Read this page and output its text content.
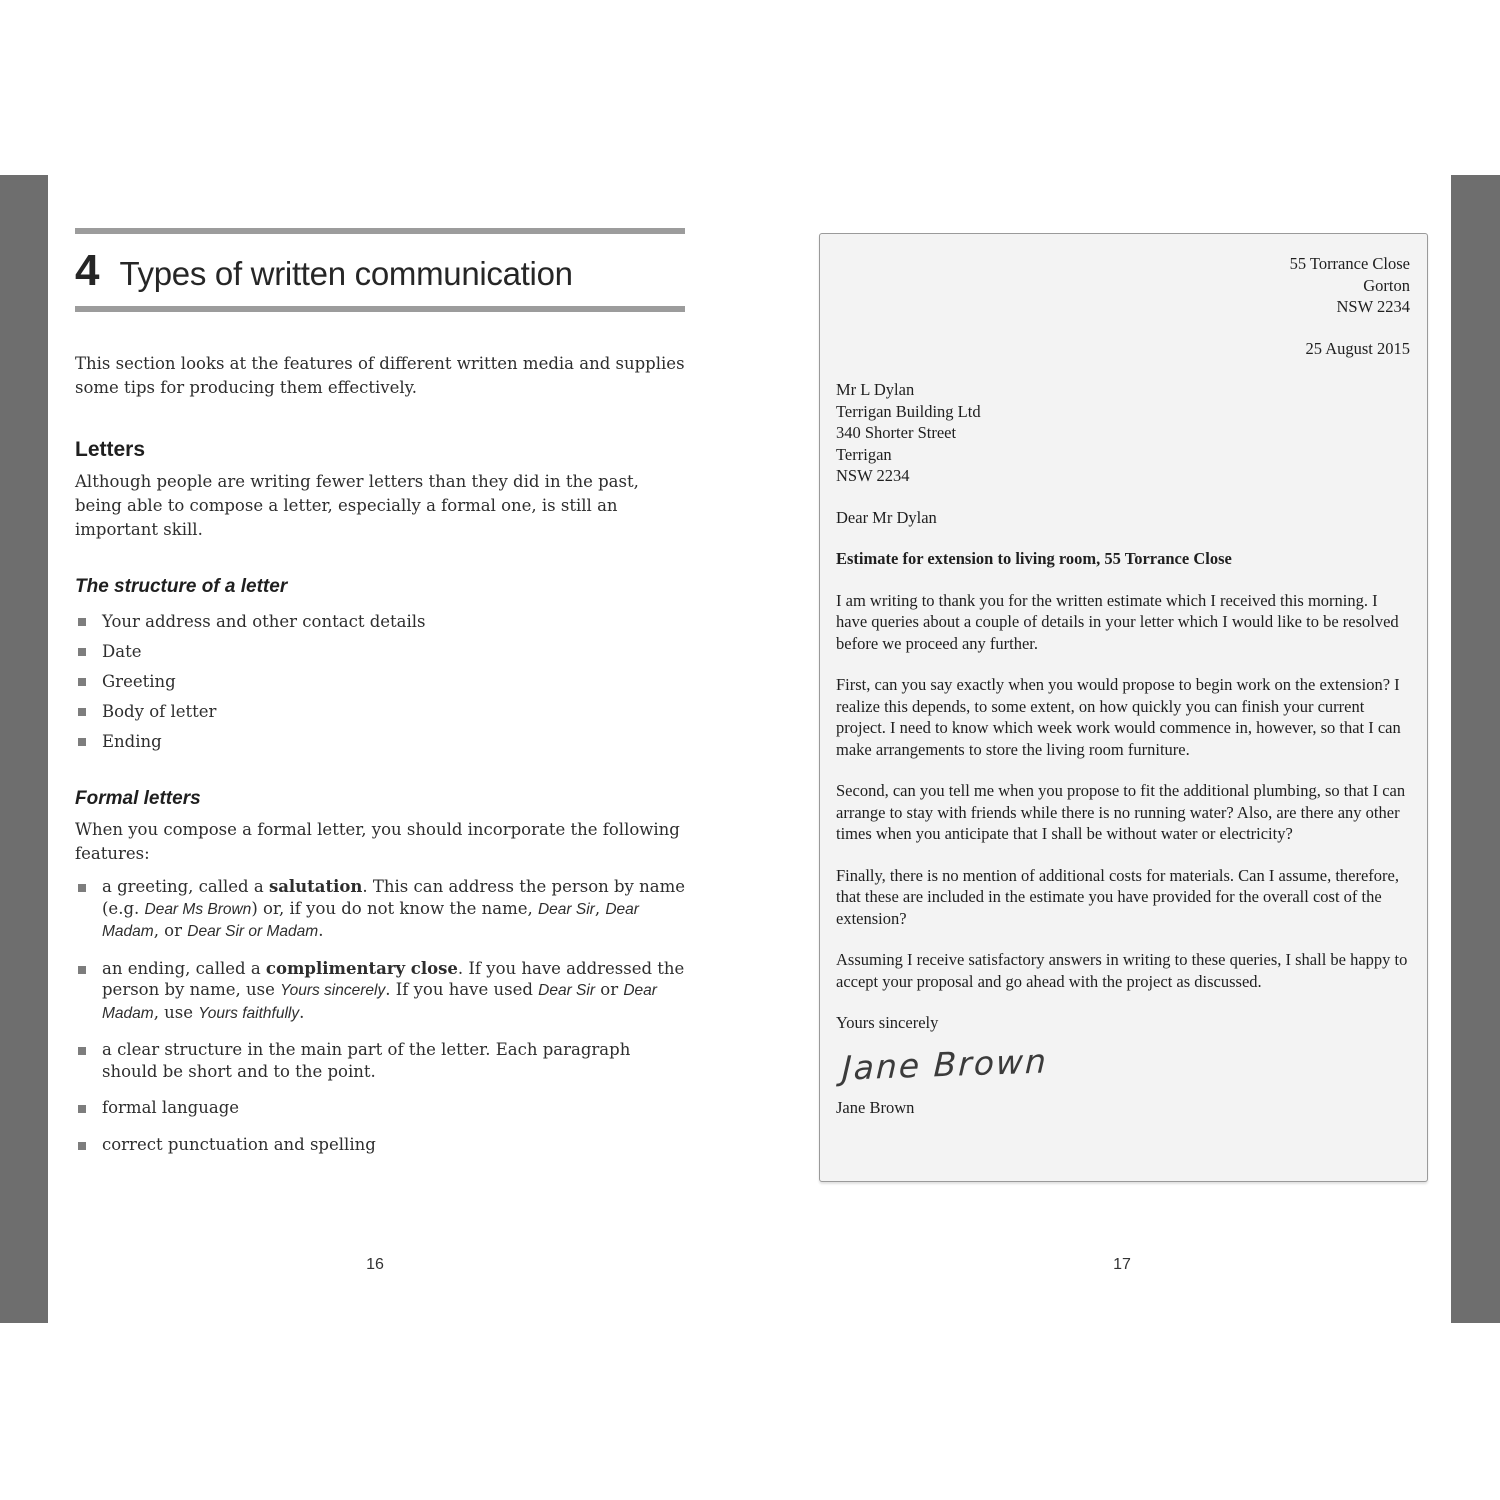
4 Types of written communication

This section looks at the features of different written media and supplies some tips for producing them effectively.

Letters

Although people are writing fewer letters than they did in the past, being able to compose a letter, especially a formal one, is still an important skill.

The structure of a letter
Your address and other contact details
Date
Greeting
Body of letter
Ending
Formal letters

When you compose a formal letter, you should incorporate the following features:

a greeting, called a salutation. This can address the person by name (e.g. Dear Ms Brown) or, if you do not know the name, Dear Sir, Dear Madam, or Dear Sir or Madam.
an ending, called a complimentary close. If you have addressed the person by name, use Yours sincerely. If you have used Dear Sir or Dear Madam, use Yours faithfully.
a clear structure in the main part of the letter. Each paragraph should be short and to the point.
formal language
correct punctuation and spelling
55 Torrance Close
Gorton
NSW 2234
25 August 2015
Mr L Dylan
Terrigan Building Ltd
340 Shorter Street
Terrigan
NSW 2234

Dear Mr Dylan

Estimate for extension to living room, 55 Torrance Close

I am writing to thank you for the written estimate which I received this morning. I have queries about a couple of details in your letter which I would like to be resolved before we proceed any further.

First, can you say exactly when you would propose to begin work on the extension? I realize this depends, to some extent, on how quickly you can finish your current project. I need to know which week work would commence in, however, so that I can make arrangements to store the living room furniture.

Second, can you tell me when you propose to fit the additional plumbing, so that I can arrange to stay with friends while there is no running water? Also, are there any other times when you anticipate that I shall be without water or electricity?

Finally, there is no mention of additional costs for materials. Can I assume, therefore, that these are included in the estimate you have provided for the overall cost of the extension?

Assuming I receive satisfactory answers in writing to these queries, I shall be happy to accept your proposal and go ahead with the project as discussed.

Yours sincerely

Jane Brown

Jane Brown

16	17
